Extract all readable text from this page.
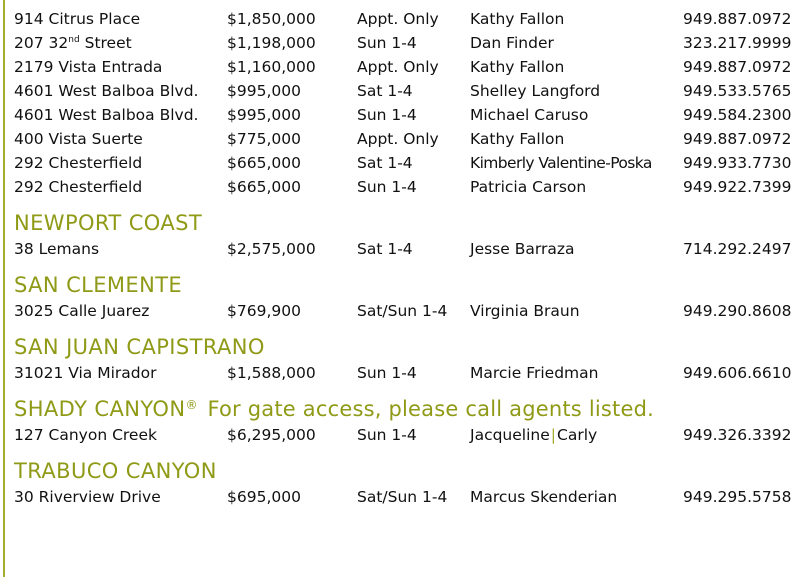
914 Citrus Place	$1,850,000	Appt. Only	Kathy Fallon	949.887.0972
207 32nd Street	$1,198,000	Sun 1-4	Dan Finder	323.217.9999
2179 Vista Entrada	$1,160,000	Appt. Only	Kathy Fallon	949.887.0972
4601 West Balboa Blvd.	$995,000	Sat 1-4	Shelley Langford	949.533.5765
4601 West Balboa Blvd.	$995,000	Sun 1-4	Michael Caruso	949.584.2300
400 Vista Suerte	$775,000	Appt. Only	Kathy Fallon	949.887.0972
292 Chesterfield	$665,000	Sat 1-4	Kimberly Valentine-Poska	949.933.7730
292 Chesterfield	$665,000	Sun 1-4	Patricia Carson	949.922.7399
NEWPORT COAST
38 Lemans	$2,575,000	Sat 1-4	Jesse Barraza	714.292.2497
SAN CLEMENTE
3025 Calle Juarez	$769,900	Sat/Sun 1-4	Virginia Braun	949.290.8608
SAN JUAN CAPISTRANO
31021 Via Mirador	$1,588,000	Sun 1-4	Marcie Friedman	949.606.6610
SHADY CANYON® For gate access, please call agents listed.
127 Canyon Creek	$6,295,000	Sun 1-4	Jacqueline|Carly	949.326.3392
TRABUCO CANYON
30 Riverview Drive	$695,000	Sat/Sun 1-4	Marcus Skenderian	949.295.5758
